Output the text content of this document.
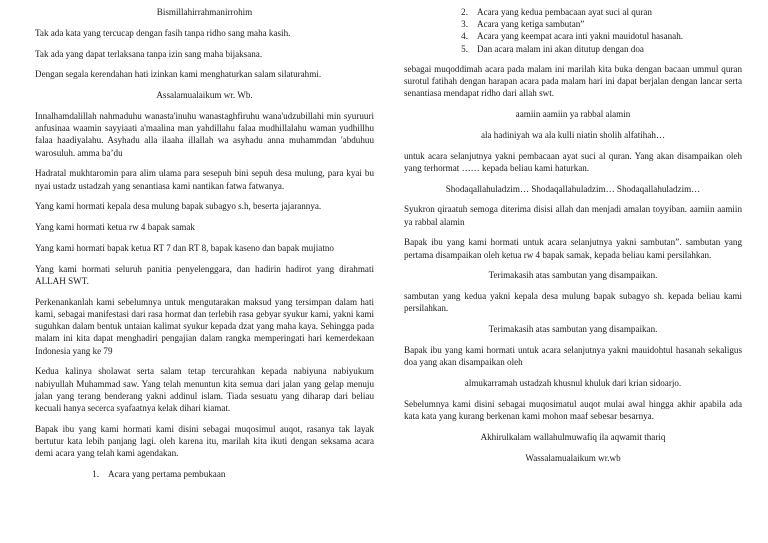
Bismillahirrahmanirrohim

Tak ada kata yang tercucap dengan fasih tanpa ridho sang maha kasih.

Tak ada yang dapat terlaksana tanpa izin sang maha bijaksana.

Dengan segala kerendahan hati izinkan kami menghaturkan salam silaturahmi.

Assalamualaikum wr. Wb.

Innalhamdalillah nahmaduhu wanasta'inuhu wanastaghfiruhu wana'udzubillahi min syuruuri anfusinaa waamin sayyiaati a'maalina man yahdillahu falaa mudhillalahu waman yudhillhu falaa haadiyalahu. Asyhadu alla ilaaha illallah wa asyhadu anna muhammdan 'abduhuu warosuluh. amma ba’du

Hadratal mukhtaromin para alim ulama para sesepuh bini sepuh desa mulung, para kyai bu nyai ustadz ustadzah yang senantiasa kami nantikan fatwa fatwanya.

Yang kami hormati kepala desa mulung bapak subagyo s.h, beserta jajarannya.

Yang kami hormati ketua rw 4 bapak samak

Yang kami hormati bapak ketua RT 7 dan RT 8, bapak kaseno dan bapak mujiatno

Yang kami hormati seluruh panitia penyelenggara, dan hadirin hadirot yang dirahmati ALLAH SWT.

Perkenankanlah kami sebelumnya untuk mengutarakan maksud yang tersimpan dalam hati kami, sebagai manifestasi dari rasa hormat dan terlebih rasa gebyar syukur kami, yakni kami suguhkan dalam bentuk untaian kalimat syukur kepada dzat yang maha kaya. Sehingga pada malam ini kita dapat menghadiri pengajian dalam rangka memperingati hari kemerdekaan Indonesia yang ke 79

Kedua kalinya sholawat serta salam tetap tercurahkan kepada nabiyuna nabiyukum nabiyullah Muhammad saw. Yang telah menuntun kita semua dari jalan yang gelap menuju jalan yang terang benderang yakni addinul islam. Tiada sesuatu yang diharap dari beliau kecuali hanya secerca syafaatnya kelak dihari kiamat.

Bapak ibu yang kami hormati kami disini sebagai muqosimul auqot, rasanya tak layak bertutur kata lebih panjang lagi. oleh karena itu, marilah kita ikuti dengan seksama acara demi acara yang telah kami agendakan.

1. Acara yang pertama pembukaan
2. Acara yang kedua pembacaan ayat suci al quran
3. Acara yang ketiga sambutan”
4. Acara yang keempat acara inti yakni mauidotul hasanah.
5. Dan acara malam ini akan ditutup dengan doa

sebagai muqoddimah acara pada malam ini marilah kita buka dengan bacaan ummul quran surotul fatihah dengan harapan acara pada malam hari ini dapat berjalan dengan lancar serta senantiasa mendapat ridho dari allah swt.

aamiin aamiin ya rabbal alamin

ala hadiniyah wa ala kulli niatin sholih alfatihah…

untuk acara selanjutnya yakni pembacaan ayat suci al quran. Yang akan disampaikan oleh yang terhormat …… kepada beliau kami haturkan.

Shodaqallahuladzim… Shodaqallahuladzim… Shodaqallahuladzim…

Syukron qiraatuh semoga diterima disisi allah dan menjadi amalan toyyiban. aamiin aamiin ya rabbal alamin

Bapak ibu yang kami hormati untuk acara selanjutnya yakni sambutan”. sambutan yang pertama disampaikan oleh ketua rw 4 bapak samak, kepada beliau kami persilahkan.

Terimakasih atas sambutan yang disampaikan.

sambutan yang kedua yakni kepala desa mulung bapak subagyo sh. kepada beliau kami persilahkan.

Terimakasih atas sambutan yang disampaikan.

Bapak ibu yang kami hormati untuk acara selanjutnya yakni mauidohtul hasanah sekaligus doa yang akan disampaikan oleh

almukarramah ustadzah khusnul khuluk dari krian sidoarjo.

Sebelumnya kami disini sebagai muqosimatul auqot mulai awal hingga akhir apabila ada kata kata yang kurang berkenan kami mohon maaf sebesar besarnya.

Akhirulkalam wallahulmuwafiq ila aqwamit thariq

Wassalamualaikum wr.wb
